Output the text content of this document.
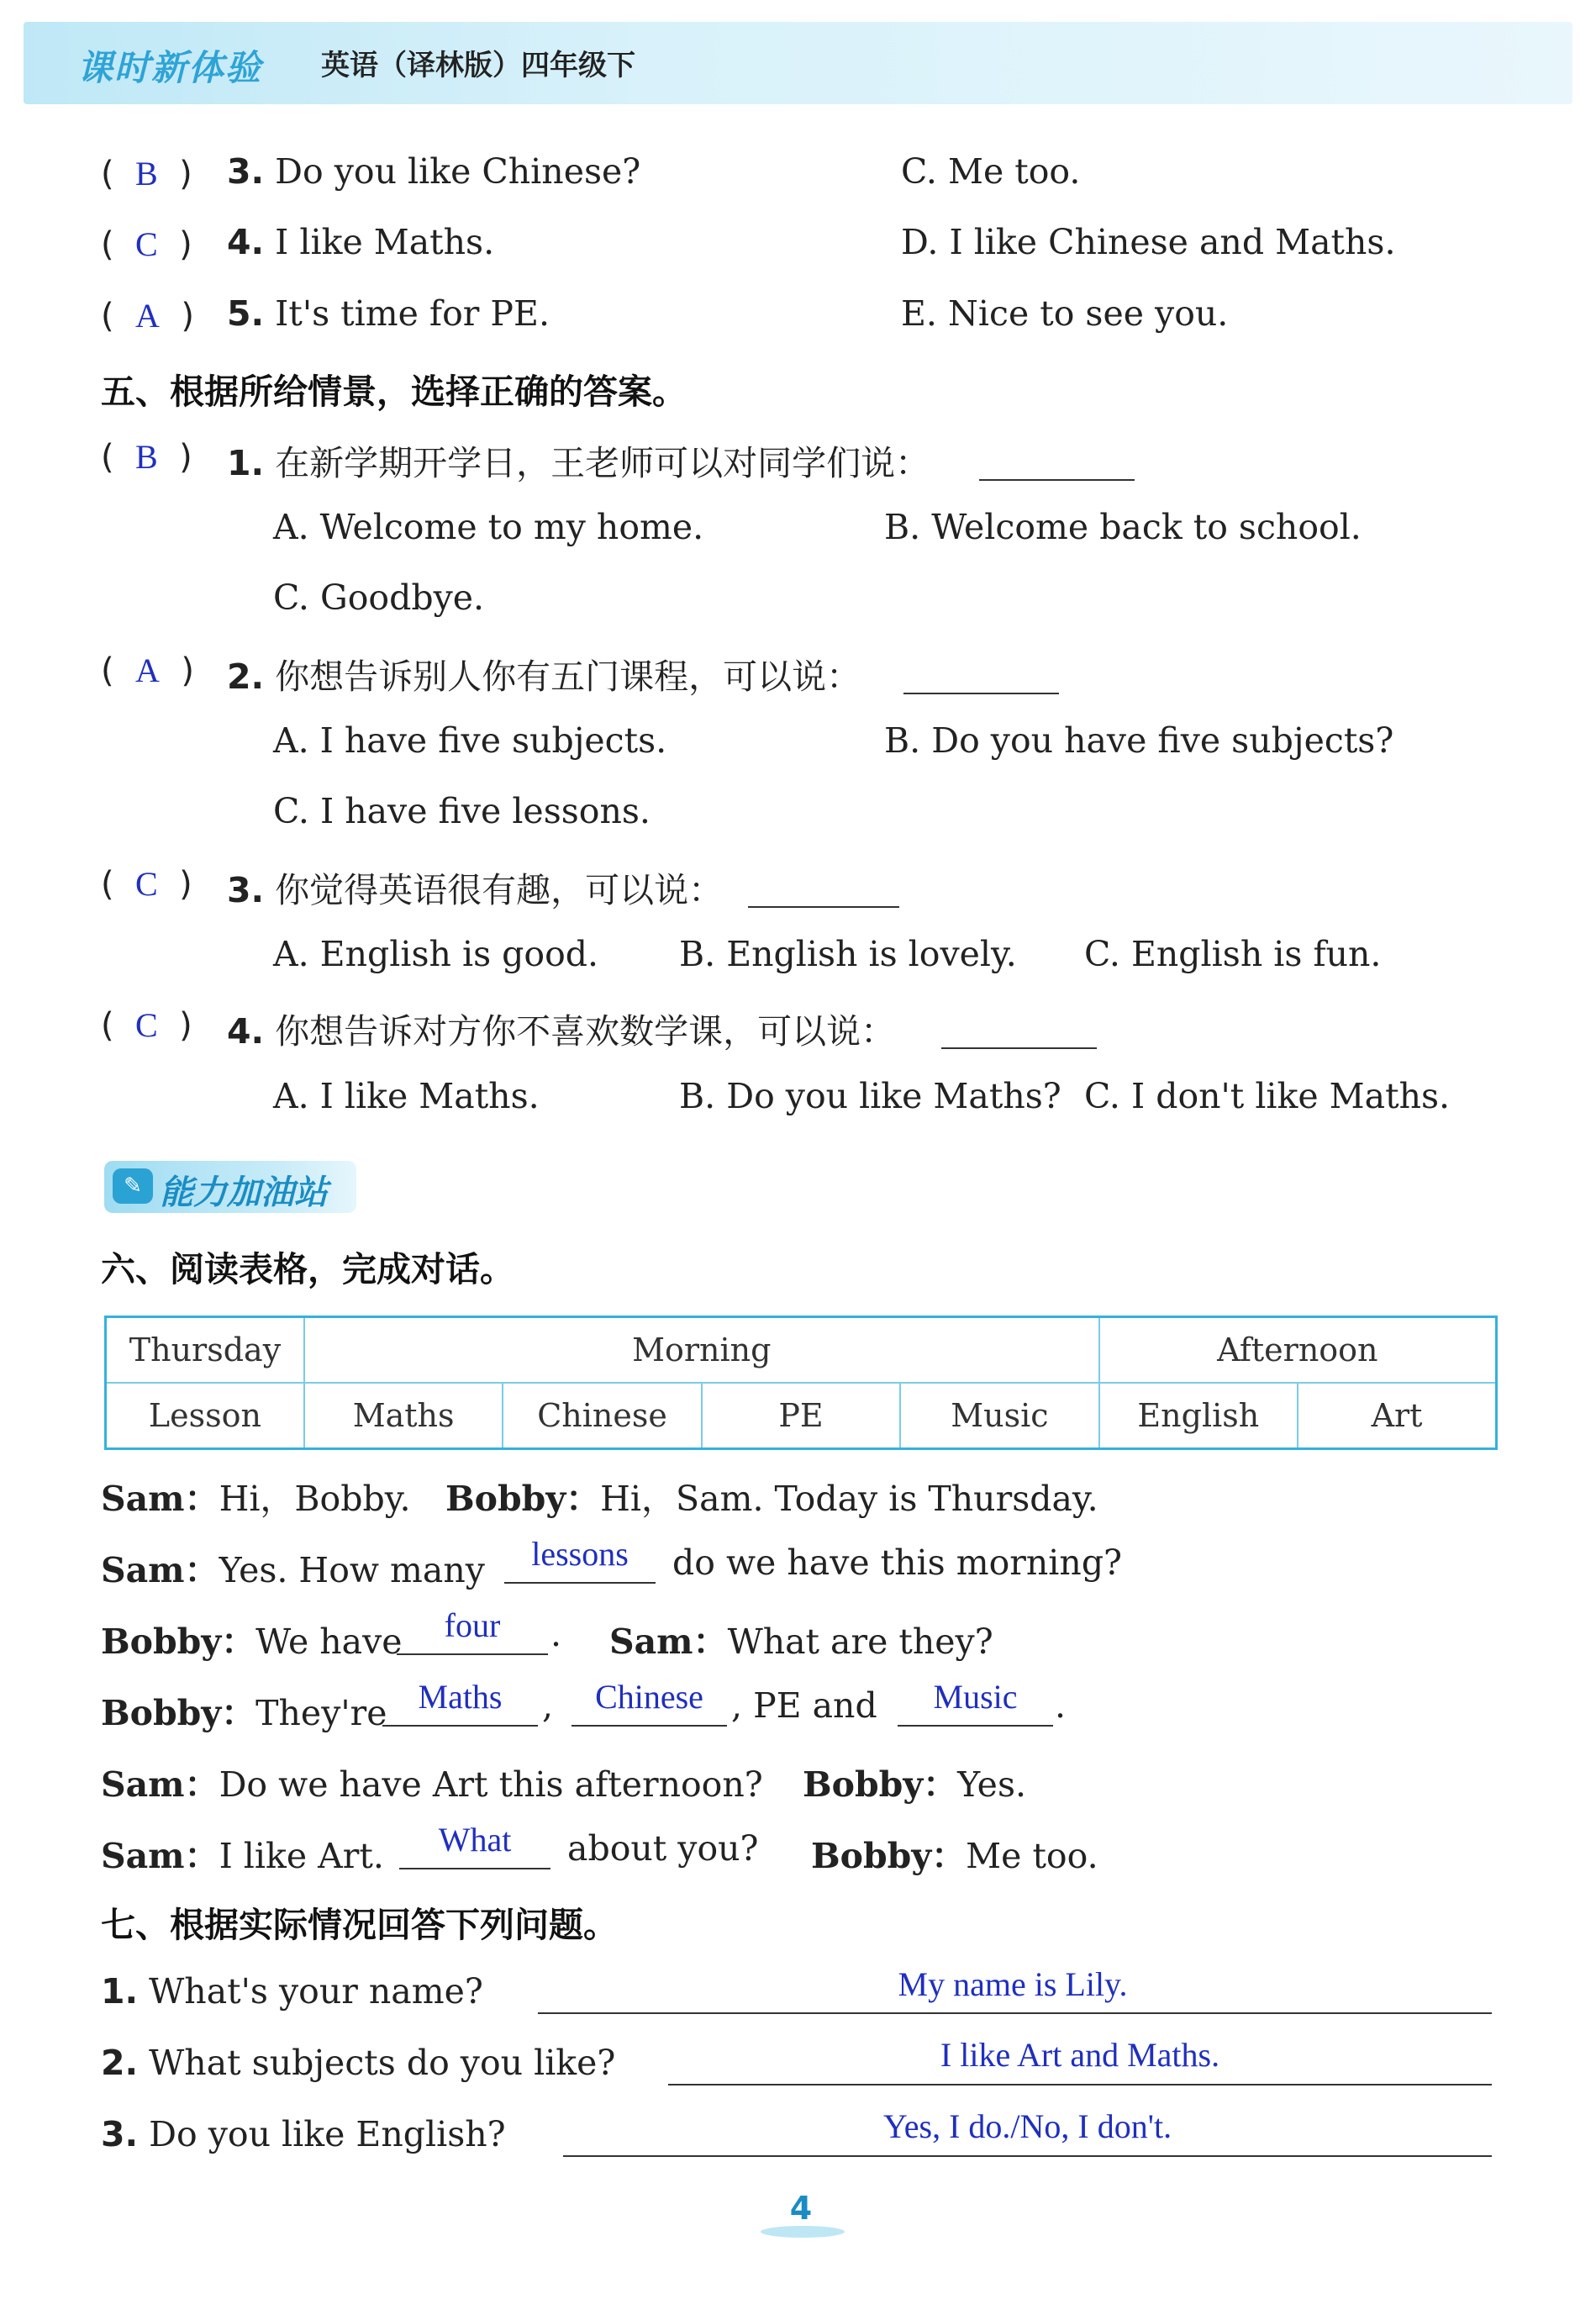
课时新体验 英语（译林版）四年级下
(  B  ) 3. Do you like Chinese?	C. Me too.
(  C  ) 4. I like Maths.	D. I like Chinese and Maths.
(  A  ) 5. It's time for PE.	E. Nice to see you.
五、根据所给情景，选择正确的答案。
(  B  ) 1. 在新学期开学日，王老师可以对同学们说：
A. Welcome to my home.	B. Welcome back to school.
C. Goodbye.
(  A  ) 2. 你想告诉别人你有五门课程，可以说：
A. I have five subjects.	B. Do you have five subjects?
C. I have five lessons.
(  C  ) 3. 你觉得英语很有趣，可以说：
A. English is good. B. English is lovely. C. English is fun.
(  C  ) 4. 你想告诉对方你不喜欢数学课，可以说：
A. I like Maths.	B. Do you like Maths? C. I don't like Maths.
✎ 能力加油站
六、阅读表格，完成对话。
Thursday	Morning				Afternoon	
Lesson	Maths	Chinese	PE	Music	English	Art
Sam：Hi，Bobby. Bobby：Hi，Sam. Today is Thursday.
Sam：Yes. How many	lessons	do we have this morning?
Bobby：We have	four	. Sam：What are they?
Bobby：They're Maths	,	Chinese , PE and	Music	.
Sam：Do we have Art this afternoon? Bobby：Yes.
Sam：I like Art.	What	about you? Bobby：Me too.
七、根据实际情况回答下列问题。
1. What's your name?	My name is Lily.
2. What subjects do you like?	I like Art and Maths.
3. Do you like English?	Yes, I do./No, I don't.
4
